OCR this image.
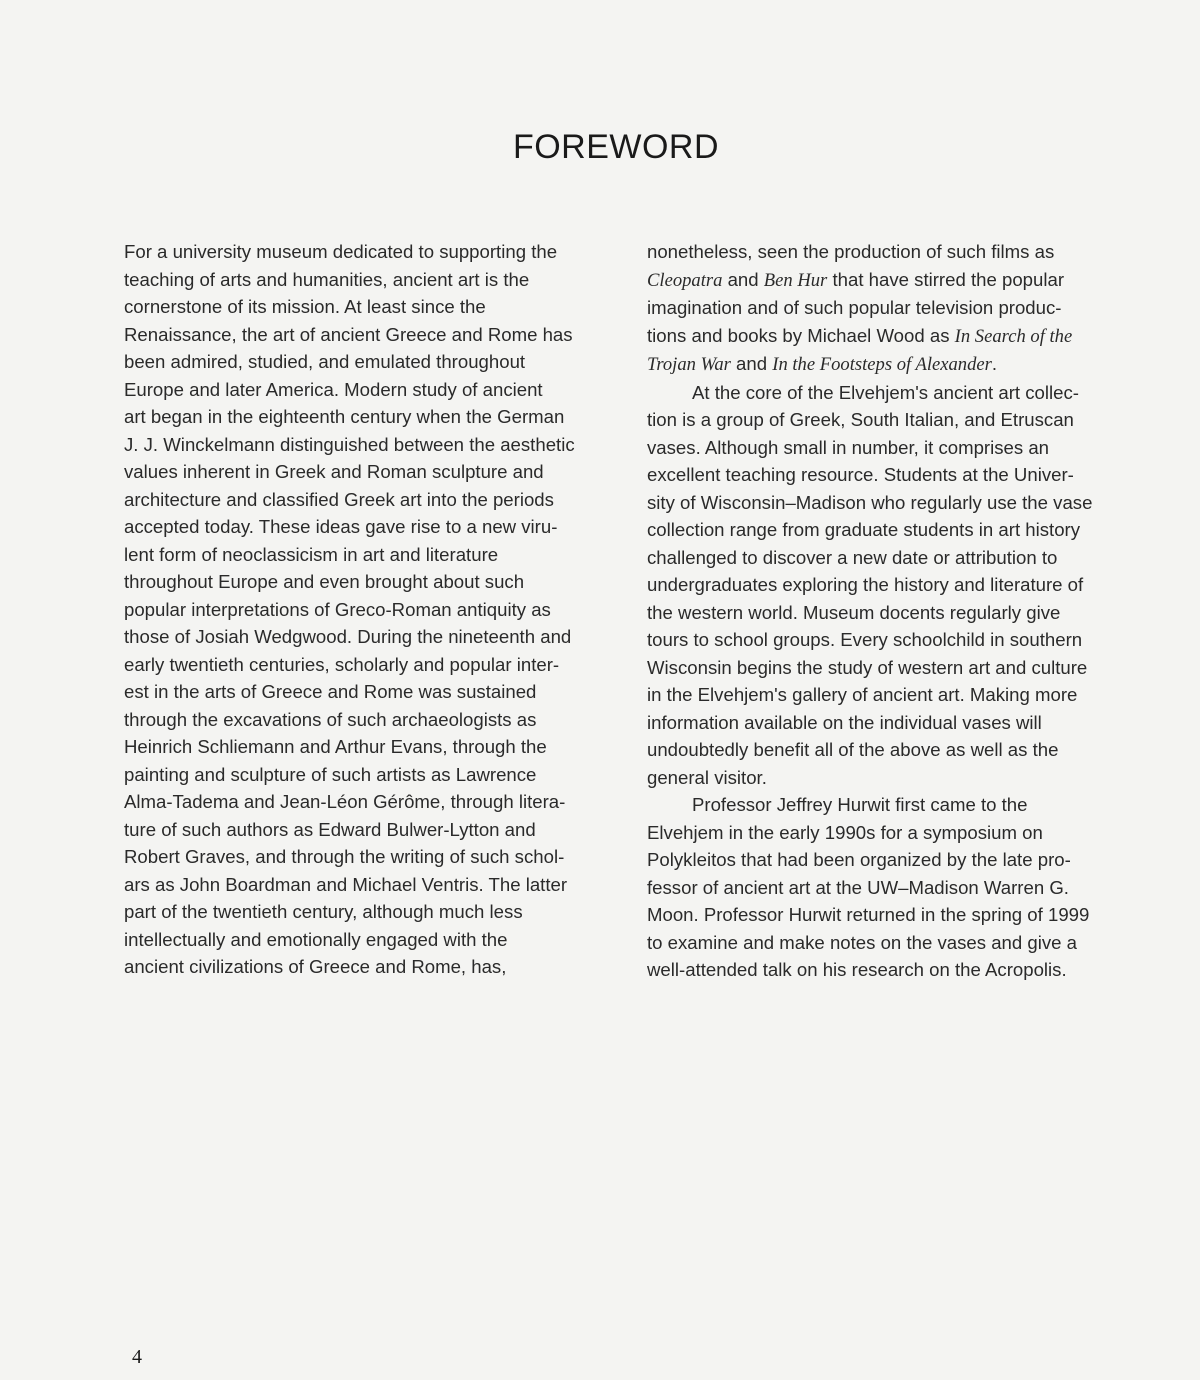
FOREWORD
For a university museum dedicated to supporting the
teaching of arts and humanities, ancient art is the
cornerstone of its mission. At least since the
Renaissance, the art of ancient Greece and Rome has
been admired, studied, and emulated throughout
Europe and later America. Modern study of ancient
art began in the eighteenth century when the German
J. J. Winckelmann distinguished between the aesthetic
values inherent in Greek and Roman sculpture and
architecture and classified Greek art into the periods
accepted today. These ideas gave rise to a new viru-
lent form of neoclassicism in art and literature
throughout Europe and even brought about such
popular interpretations of Greco-Roman antiquity as
those of Josiah Wedgwood. During the nineteenth and
early twentieth centuries, scholarly and popular inter-
est in the arts of Greece and Rome was sustained
through the excavations of such archaeologists as
Heinrich Schliemann and Arthur Evans, through the
painting and sculpture of such artists as Lawrence
Alma-Tadema and Jean-Léon Gérôme, through litera-
ture of such authors as Edward Bulwer-Lytton and
Robert Graves, and through the writing of such schol-
ars as John Boardman and Michael Ventris. The latter
part of the twentieth century, although much less
intellectually and emotionally engaged with the
ancient civilizations of Greece and Rome, has,
nonetheless, seen the production of such films as
Cleopatra and Ben Hur that have stirred the popular
imagination and of such popular television produc-
tions and books by Michael Wood as In Search of the
Trojan War and In the Footsteps of Alexander.
At the core of the Elvehjem's ancient art collec-
tion is a group of Greek, South Italian, and Etruscan
vases. Although small in number, it comprises an
excellent teaching resource. Students at the Univer-
sity of Wisconsin–Madison who regularly use the vase
collection range from graduate students in art history
challenged to discover a new date or attribution to
undergraduates exploring the history and literature of
the western world. Museum docents regularly give
tours to school groups. Every schoolchild in southern
Wisconsin begins the study of western art and culture
in the Elvehjem's gallery of ancient art. Making more
information available on the individual vases will
undoubtedly benefit all of the above as well as the
general visitor.
Professor Jeffrey Hurwit first came to the
Elvehjem in the early 1990s for a symposium on
Polykleitos that had been organized by the late pro-
fessor of ancient art at the UW–Madison Warren G.
Moon. Professor Hurwit returned in the spring of 1999
to examine and make notes on the vases and give a
well-attended talk on his research on the Acropolis.
4
